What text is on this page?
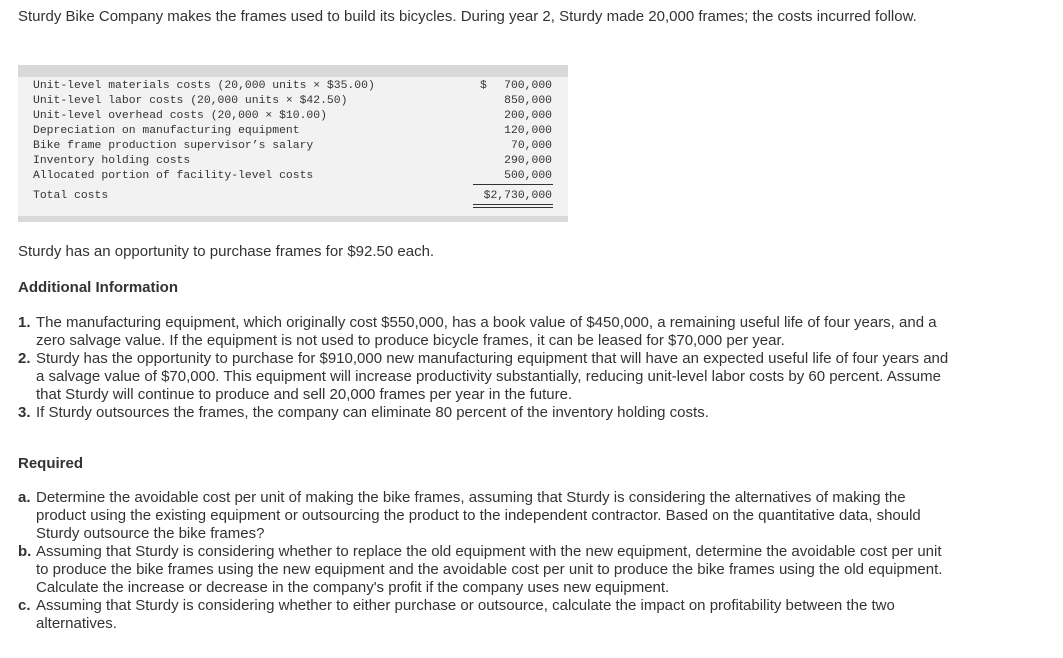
Sturdy Bike Company makes the frames used to build its bicycles. During year 2, Sturdy made 20,000 frames; the costs incurred follow.

Unit-level materials costs (20,000 units × $35.00)	$ 700,000
Unit-level labor costs (20,000 units × $42.50)	850,000
Unit-level overhead costs (20,000 × $10.00)	200,000
Depreciation on manufacturing equipment	120,000
Bike frame production supervisor’s salary	70,000
Inventory holding costs	290,000
Allocated portion of facility-level costs	500,000
Total costs	$2,730,000

Sturdy has an opportunity to purchase frames for $92.50 each.

Additional Information

1. The manufacturing equipment, which originally cost $550,000, has a book value of $450,000, a remaining useful life of four years, and a zero salvage value. If the equipment is not used to produce bicycle frames, it can be leased for $70,000 per year.
2. Sturdy has the opportunity to purchase for $910,000 new manufacturing equipment that will have an expected useful life of four years and a salvage value of $70,000. This equipment will increase productivity substantially, reducing unit-level labor costs by 60 percent. Assume that Sturdy will continue to produce and sell 20,000 frames per year in the future.
3. If Sturdy outsources the frames, the company can eliminate 80 percent of the inventory holding costs.

Required

a. Determine the avoidable cost per unit of making the bike frames, assuming that Sturdy is considering the alternatives of making the product using the existing equipment or outsourcing the product to the independent contractor. Based on the quantitative data, should Sturdy outsource the bike frames?
b. Assuming that Sturdy is considering whether to replace the old equipment with the new equipment, determine the avoidable cost per unit to produce the bike frames using the new equipment and the avoidable cost per unit to produce the bike frames using the old equipment. Calculate the increase or decrease in the company's profit if the company uses new equipment.
c. Assuming that Sturdy is considering whether to either purchase or outsource, calculate the impact on profitability between the two alternatives.
